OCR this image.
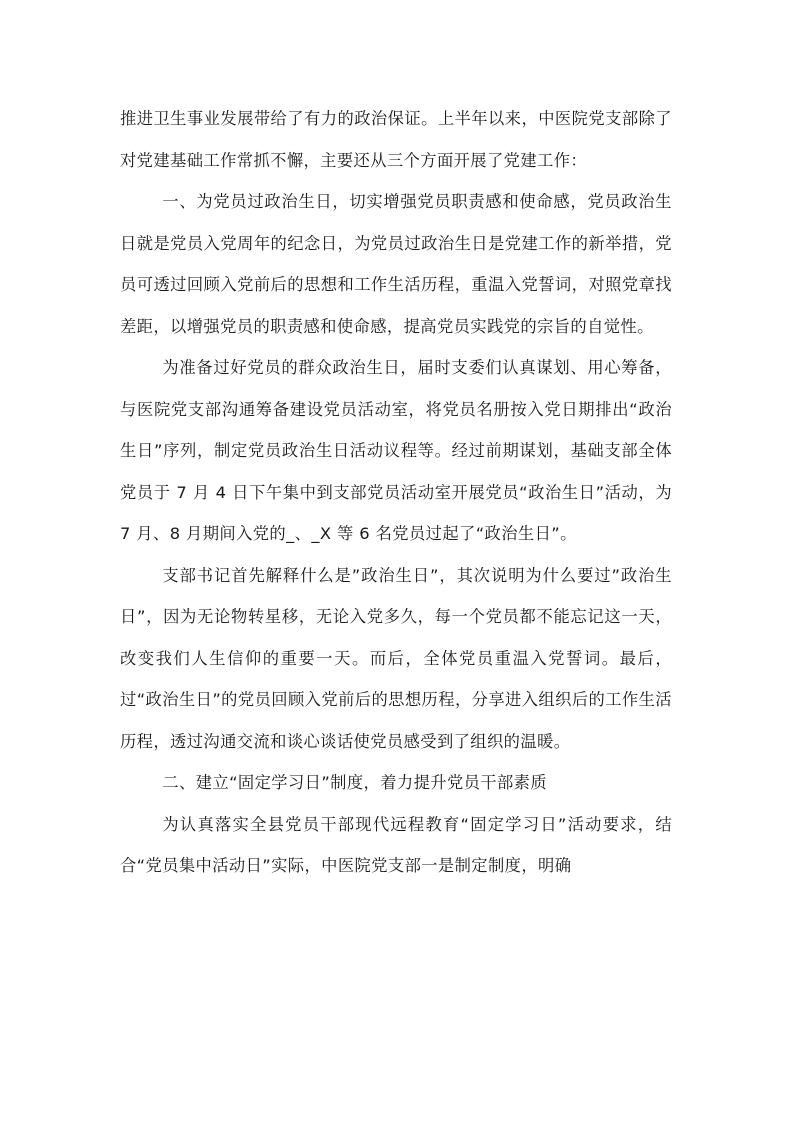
推进卫生事业发展带给了有力的政治保证。上半年以来，中医院党支部除了对党建基础工作常抓不懈，主要还从三个方面开展了党建工作：

一、为党员过政治生日，切实增强党员职责感和使命感，党员政治生日就是党员入党周年的纪念日，为党员过政治生日是党建工作的新举措，党员可透过回顾入党前后的思想和工作生活历程，重温入党誓词，对照党章找差距，以增强党员的职责感和使命感，提高党员实践党的宗旨的自觉性。

为准备过好党员的群众政治生日，届时支委们认真谋划、用心筹备，与医院党支部沟通筹备建设党员活动室，将党员名册按入党日期排出“政治生日”序列，制定党员政治生日活动议程等。经过前期谋划，基础支部全体党员于 7 月 4 日下午集中到支部党员活动室开展党员“政治生日”活动，为 7 月、8 月期间入党的_、_X 等 6 名党员过起了“政治生日”。

支部书记首先解释什么是”政治生日”，其次说明为什么要过”政治生日”，因为无论物转星移，无论入党多久，每一个党员都不能忘记这一天，改变我们人生信仰的重要一天。而后，全体党员重温入党誓词。最后，过“政治生日”的党员回顾入党前后的思想历程，分享进入组织后的工作生活历程，透过沟通交流和谈心谈话使党员感受到了组织的温暖。

二、建立“固定学习日”制度，着力提升党员干部素质

为认真落实全县党员干部现代远程教育“固定学习日”活动要求，结合“党员集中活动日”实际，中医院党支部一是制定制度，明确
